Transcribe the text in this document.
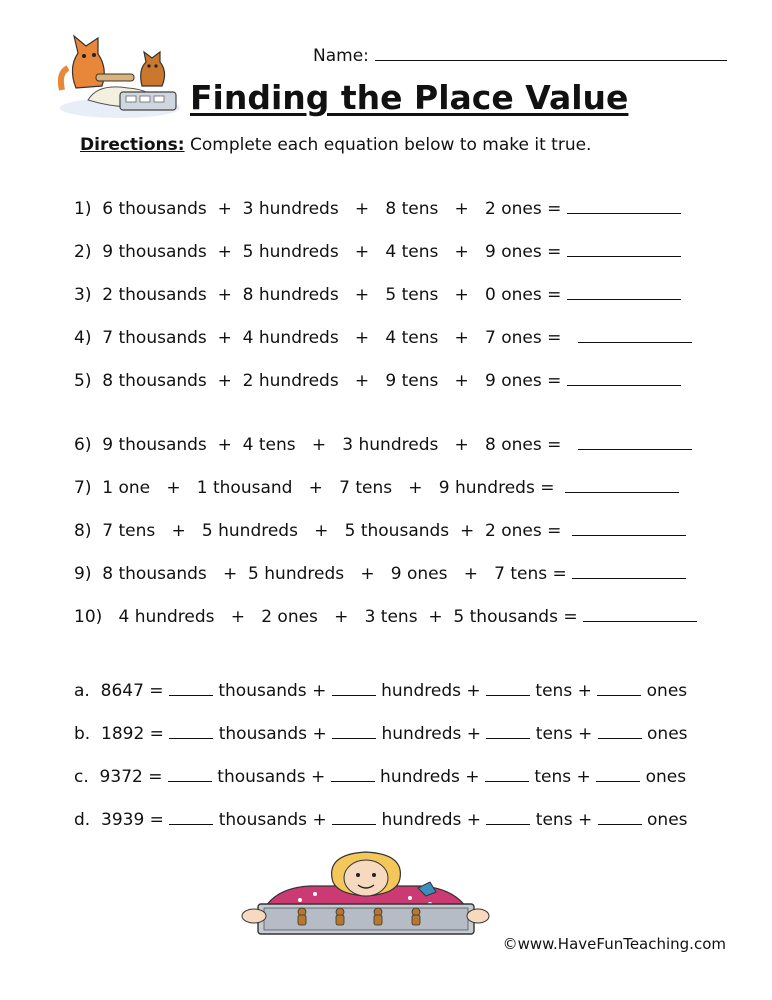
Name:
Finding the Place Value
Directions: Complete each equation below to make it true.
1)  6 thousands  +  3 hundreds   +   8 tens   +   2 ones =
2)  9 thousands  +  5 hundreds   +   4 tens   +   9 ones =
3)  2 thousands  +  8 hundreds   +   5 tens   +   0 ones =
4)  7 thousands  +  4 hundreds   +   4 tens   +   7 ones =
5)  8 thousands  +  2 hundreds   +   9 tens   +   9 ones =
6)  9 thousands  +  4 tens   +   3 hundreds   +   8 ones =
7)  1 one   +   1 thousand   +   7 tens   +   9 hundreds =
8)  7 tens   +   5 hundreds   +   5 thousands  +  2 ones =
9)  8 thousands   +  5 hundreds   +   9 ones   +   7 tens =
10)   4 hundreds   +   2 ones   +   3 tens  +  5 thousands =
a.  8647 =	thousands +	hundreds +	tens +	ones
b.  1892 =	thousands +	hundreds +	tens +	ones
c.  9372 =	thousands +	hundreds +	tens +	ones
d.  3939 =	thousands +	hundreds +	tens +	ones
©www.HaveFunTeaching.com
